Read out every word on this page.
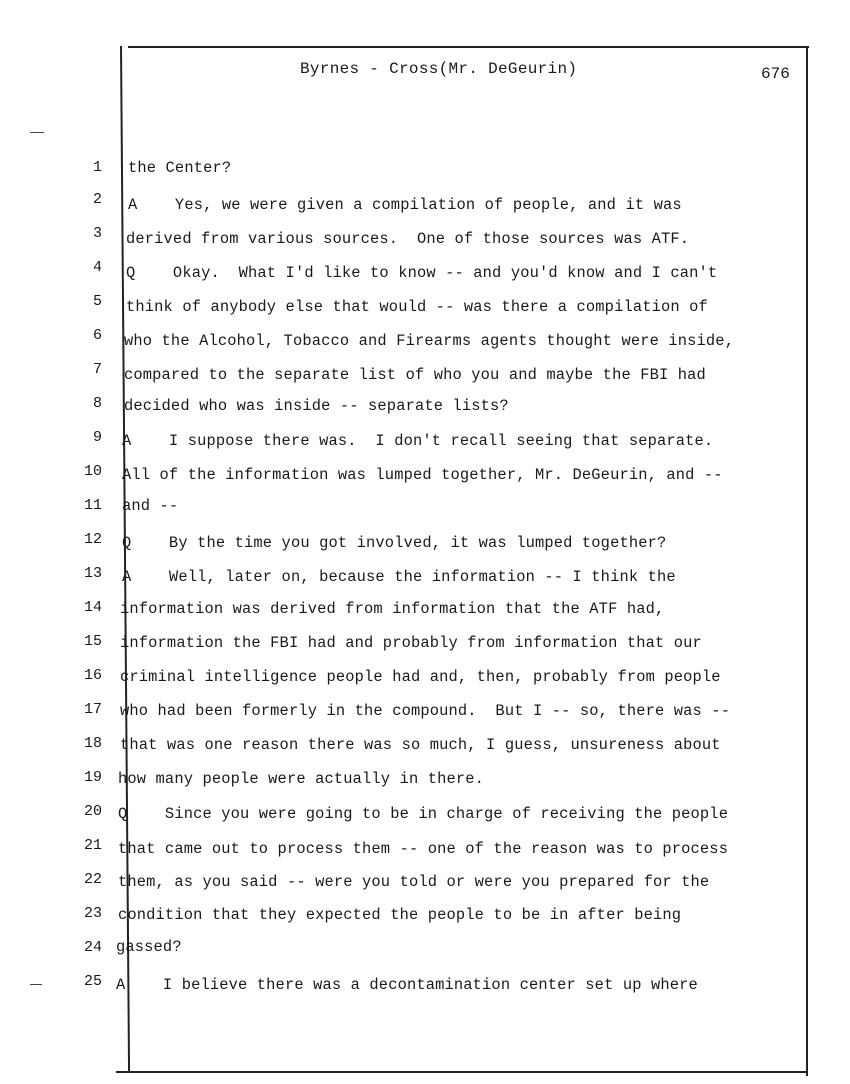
Byrnes - Cross(Mr. DeGeurin)	676
1 the Center?
2 A    Yes, we were given a compilation of people, and it was
3 derived from various sources.  One of those sources was ATF.
4 Q    Okay.  What I'd like to know -- and you'd know and I can't
5 think of anybody else that would -- was there a compilation of
6 who the Alcohol, Tobacco and Firearms agents thought were inside,
7 compared to the separate list of who you and maybe the FBI had
8 decided who was inside -- separate lists?
9 A    I suppose there was.  I don't recall seeing that separate.
10 All of the information was lumped together, Mr. DeGeurin, and --
11 and --
12 Q    By the time you got involved, it was lumped together?
13 A    Well, later on, because the information -- I think the
14 information was derived from information that the ATF had,
15 information the FBI had and probably from information that our
16 criminal intelligence people had and, then, probably from people
17 who had been formerly in the compound.  But I -- so, there was --
18 that was one reason there was so much, I guess, unsureness about
19 how many people were actually in there.
20 Q    Since you were going to be in charge of receiving the people
21 that came out to process them -- one of the reason was to process
22 them, as you said -- were you told or were you prepared for the
23 condition that they expected the people to be in after being
24 gassed?
25 A    I believe there was a decontamination center set up where
